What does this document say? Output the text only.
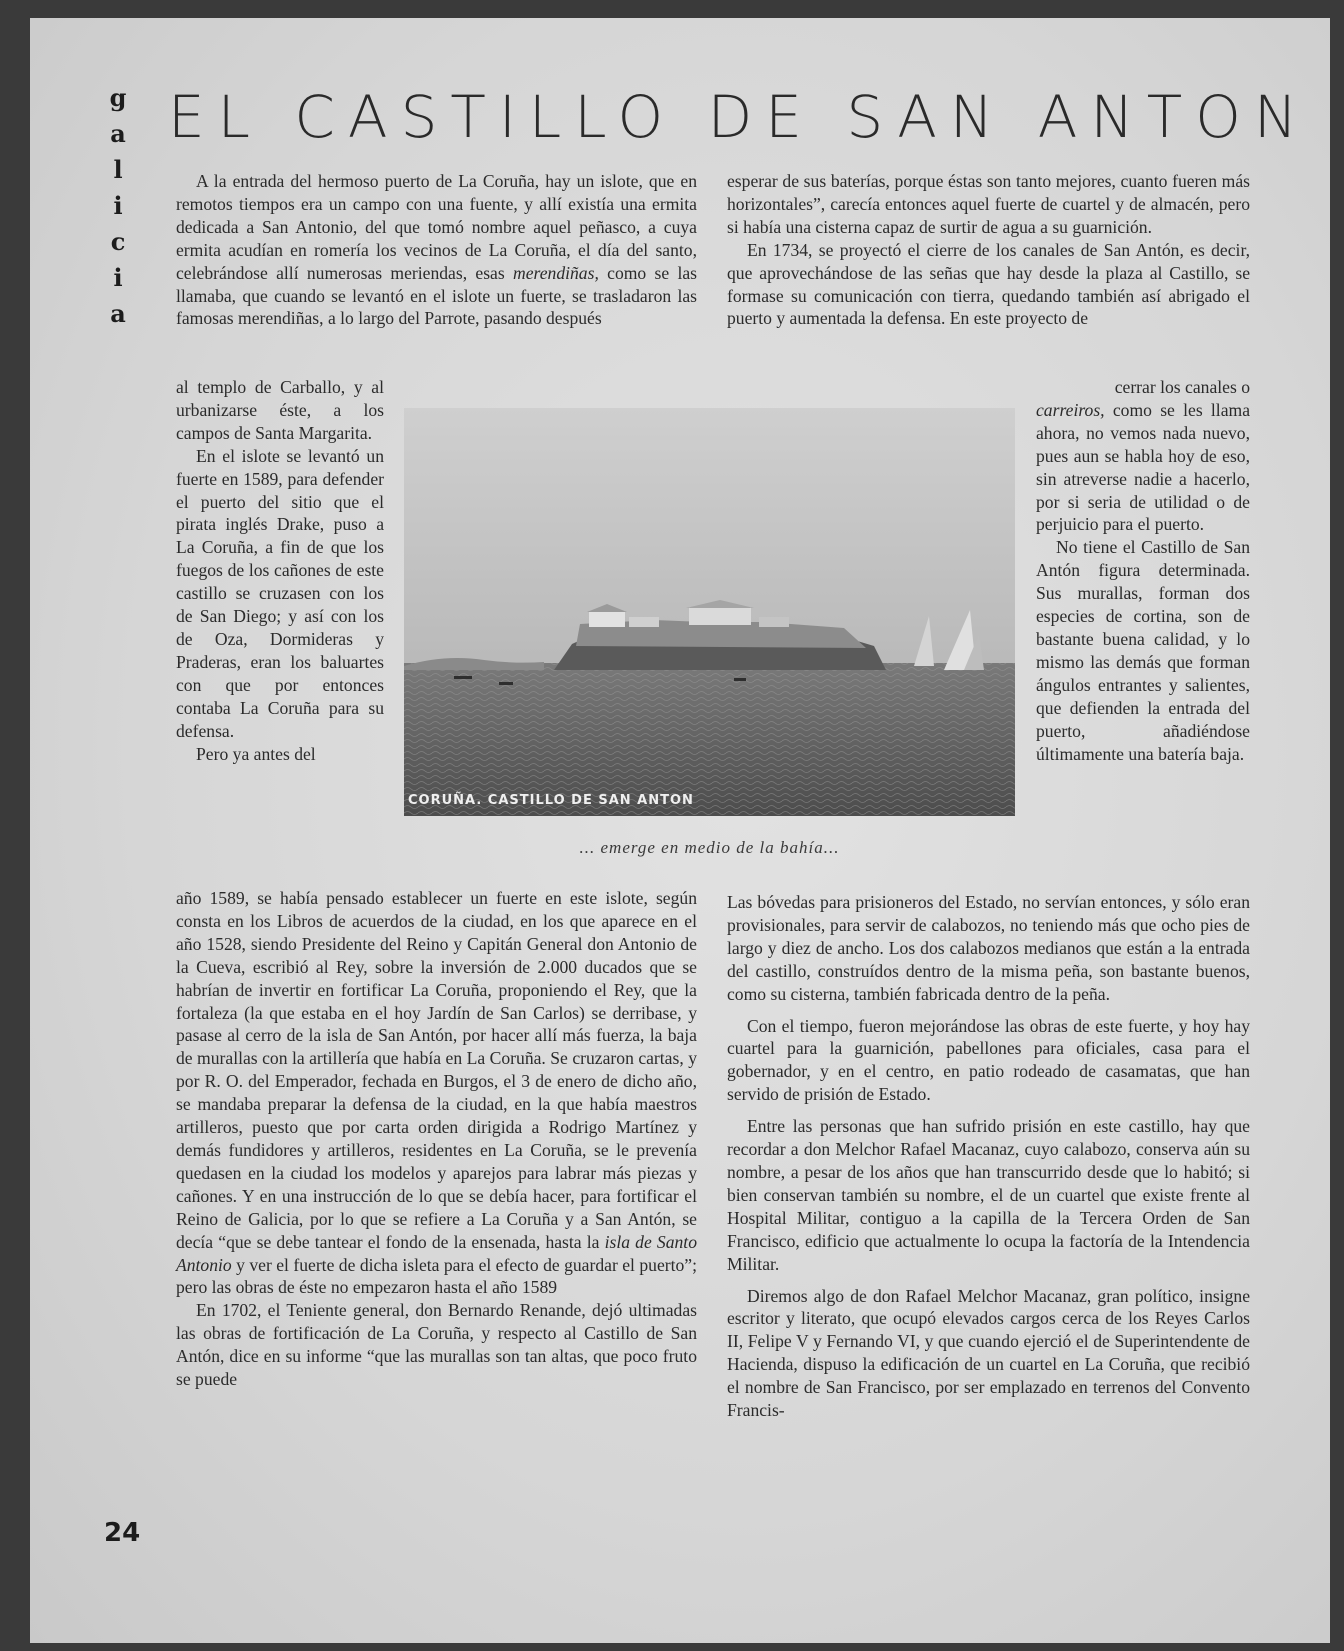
g
a
l
i
c
i
a
EL CASTILLO DE SAN ANTON

A la entrada del hermoso puerto de La Coruña, hay un islote, que en remotos tiempos era un campo con una fuente, y allí existía una ermita dedicada a San Antonio, del que tomó nombre aquel peñasco, a cuya ermita acudían en romería los vecinos de La Coruña, el día del santo, celebrándose allí numerosas meriendas, esas merendiñas, como se las llamaba, que cuando se levantó en el islote un fuerte, se trasladaron las famosas merendiñas, a lo largo del Parrote, pasando después

al templo de Carballo, y al urbanizarse éste, a los campos de Santa Margarita.

En el islote se levantó un fuerte en 1589, para defender el puerto del sitio que el pirata inglés Drake, puso a La Coruña, a fin de que los fuegos de los cañones de este castillo se cruzasen con los de San Diego; y así con los de Oza, Dormideras y Praderas, eran los baluartes con que por entonces contaba La Coruña para su defensa.

Pero ya antes del

año 1589, se había pensado establecer un fuerte en este islote, según consta en los Libros de acuerdos de la ciudad, en los que aparece en el año 1528, siendo Presidente del Reino y Capitán General don Antonio de la Cueva, escribió al Rey, sobre la inversión de 2.000 ducados que se habrían de invertir en fortificar La Coruña, proponiendo el Rey, que la fortaleza (la que estaba en el hoy Jardín de San Carlos) se derribase, y pasase al cerro de la isla de San Antón, por hacer allí más fuerza, la baja de murallas con la artillería que había en La Coruña. Se cruzaron cartas, y por R. O. del Emperador, fechada en Burgos, el 3 de enero de dicho año, se mandaba preparar la defensa de la ciudad, en la que había maestros artilleros, puesto que por carta orden dirigida a Rodrigo Martínez y demás fundidores y artilleros, residentes en La Coruña, se le prevenía quedasen en la ciudad los modelos y aparejos para labrar más piezas y cañones. Y en una instrucción de lo que se debía hacer, para fortificar el Reino de Galicia, por lo que se refiere a La Coruña y a San Antón, se decía “que se debe tantear el fondo de la ensenada, hasta la isla de Santo Antonio y ver el fuerte de dicha isleta para el efecto de guardar el puerto”; pero las obras de éste no empezaron hasta el año 1589

En 1702, el Teniente general, don Bernardo Renande, dejó ultimadas las obras de fortificación de La Coruña, y respecto al Castillo de San Antón, dice en su informe “que las murallas son tan altas, que poco fruto se puede

esperar de sus baterías, porque éstas son tanto mejores, cuanto fueren más horizontales”, carecía entonces aquel fuerte de cuartel y de almacén, pero si había una cisterna capaz de surtir de agua a su guarnición.

En 1734, se proyectó el cierre de los canales de San Antón, es decir, que aprovechándose de las señas que hay desde la plaza al Castillo, se formase su comunicación con tierra, quedando también así abrigado el puerto y aumentada la defensa. En este proyecto de

cerrar los canales o

carreiros, como se les llama ahora, no vemos nada nuevo, pues aun se habla hoy de eso, sin atreverse nadie a hacerlo, por si seria de utilidad o de perjuicio para el puerto.

No tiene el Castillo de San Antón figura determinada. Sus murallas, forman dos especies de cortina, son de bastante buena calidad, y lo mismo las demás que forman ángulos entrantes y salientes, que defienden la entrada del puerto, añadiéndose últimamente una batería baja.

Las bóvedas para prisioneros del Estado, no servían entonces, y sólo eran provisionales, para servir de calabozos, no teniendo más que ocho pies de largo y diez de ancho. Los dos calabozos medianos que están a la entrada del castillo, construídos dentro de la misma peña, son bastante buenos, como su cisterna, también fabricada dentro de la peña.

Con el tiempo, fueron mejorándose las obras de este fuerte, y hoy hay cuartel para la guarnición, pabellones para oficiales, casa para el gobernador, y en el centro, en patio rodeado de casamatas, que han servido de prisión de Estado.

Entre las personas que han sufrido prisión en este castillo, hay que recordar a don Melchor Rafael Macanaz, cuyo calabozo, conserva aún su nombre, a pesar de los años que han transcurrido desde que lo habitó; si bien conservan también su nombre, el de un cuartel que existe frente al Hospital Militar, contiguo a la capilla de la Tercera Orden de San Francisco, edificio que actualmente lo ocupa la factoría de la Intendencia Militar.

Diremos algo de don Rafael Melchor Macanaz, gran político, insigne escritor y literato, que ocupó elevados cargos cerca de los Reyes Carlos II, Felipe V y Fernando VI, y que cuando ejerció el de Superintendente de Hacienda, dispuso la edificación de un cuartel en La Coruña, que recibió el nombre de San Francisco, por ser emplazado en terrenos del Convento Francis-

CORUÑA. CASTILLO DE SAN ANTON
... emerge en medio de la bahía...
24
